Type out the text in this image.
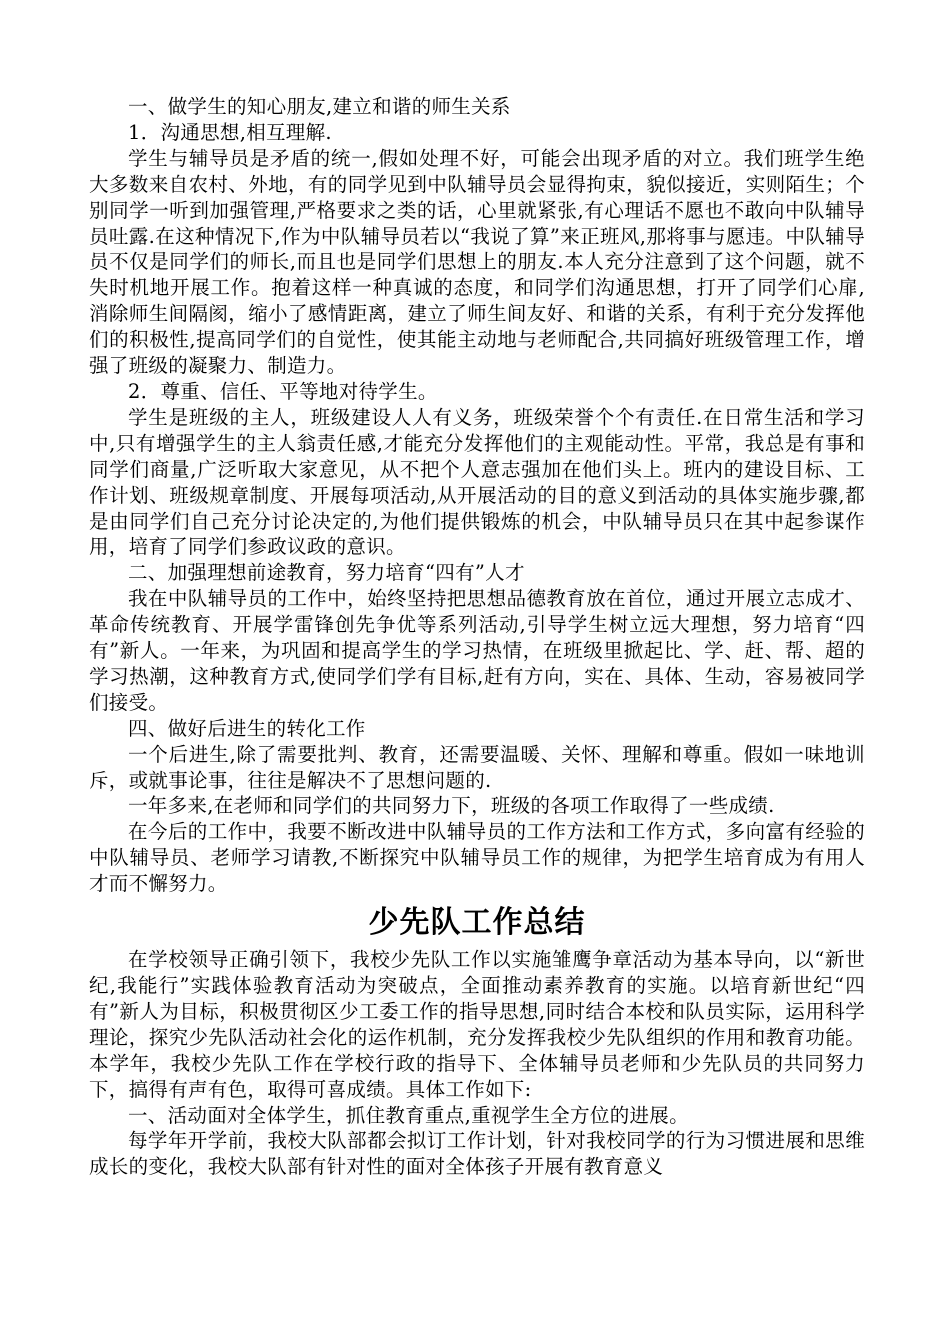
一、做学生的知心朋友,建立和谐的师生关系

1．沟通思想,相互理解.

学生与辅导员是矛盾的统一,假如处理不好，可能会出现矛盾的对立。我们班学生绝大多数来自农村、外地，有的同学见到中队辅导员会显得拘束，貌似接近，实则陌生；个别同学一听到加强管理,严格要求之类的话，心里就紧张,有心理话不愿也不敢向中队辅导员吐露.在这种情况下,作为中队辅导员若以“我说了算”来正班风,那将事与愿违。中队辅导员不仅是同学们的师长,而且也是同学们思想上的朋友.本人充分注意到了这个问题，就不失时机地开展工作。抱着这样一种真诚的态度，和同学们沟通思想，打开了同学们心扉,消除师生间隔阂，缩小了感情距离，建立了师生间友好、和谐的关系，有利于充分发挥他们的积极性,提高同学们的自觉性，使其能主动地与老师配合,共同搞好班级管理工作，增强了班级的凝聚力、制造力。

2．尊重、信任、平等地对待学生。

学生是班级的主人，班级建设人人有义务，班级荣誉个个有责任.在日常生活和学习中,只有增强学生的主人翁责任感,才能充分发挥他们的主观能动性。平常，我总是有事和同学们商量,广泛听取大家意见，从不把个人意志强加在他们头上。班内的建设目标、工作计划、班级规章制度、开展每项活动,从开展活动的目的意义到活动的具体实施步骤,都是由同学们自己充分讨论决定的,为他们提供锻炼的机会，中队辅导员只在其中起参谋作用，培育了同学们参政议政的意识。

二、加强理想前途教育，努力培育“四有”人才

我在中队辅导员的工作中，始终坚持把思想品德教育放在首位，通过开展立志成才、革命传统教育、开展学雷锋创先争优等系列活动,引导学生树立远大理想，努力培育“四有”新人。一年来，为巩固和提高学生的学习热情，在班级里掀起比、学、赶、帮、超的学习热潮，这种教育方式,使同学们学有目标,赶有方向，实在、具体、生动，容易被同学们接受。

四、做好后进生的转化工作

一个后进生,除了需要批判、教育，还需要温暖、关怀、理解和尊重。假如一味地训斥，或就事论事，往往是解决不了思想问题的.

一年多来,在老师和同学们的共同努力下，班级的各项工作取得了一些成绩.

在今后的工作中，我要不断改进中队辅导员的工作方法和工作方式，多向富有经验的中队辅导员、老师学习请教,不断探究中队辅导员工作的规律，为把学生培育成为有用人才而不懈努力。

少先队工作总结

在学校领导正确引领下，我校少先队工作以实施雏鹰争章活动为基本导向，以“新世纪,我能行”实践体验教育活动为突破点，全面推动素养教育的实施。以培育新世纪“四有”新人为目标，积极贯彻区少工委工作的指导思想,同时结合本校和队员实际，运用科学理论，探究少先队活动社会化的运作机制，充分发挥我校少先队组织的作用和教育功能。本学年，我校少先队工作在学校行政的指导下、全体辅导员老师和少先队员的共同努力下，搞得有声有色，取得可喜成绩。具体工作如下:

一、活动面对全体学生，抓住教育重点,重视学生全方位的进展。

每学年开学前，我校大队部都会拟订工作计划，针对我校同学的行为习惯进展和思维成长的变化，我校大队部有针对性的面对全体孩子开展有教育意义
